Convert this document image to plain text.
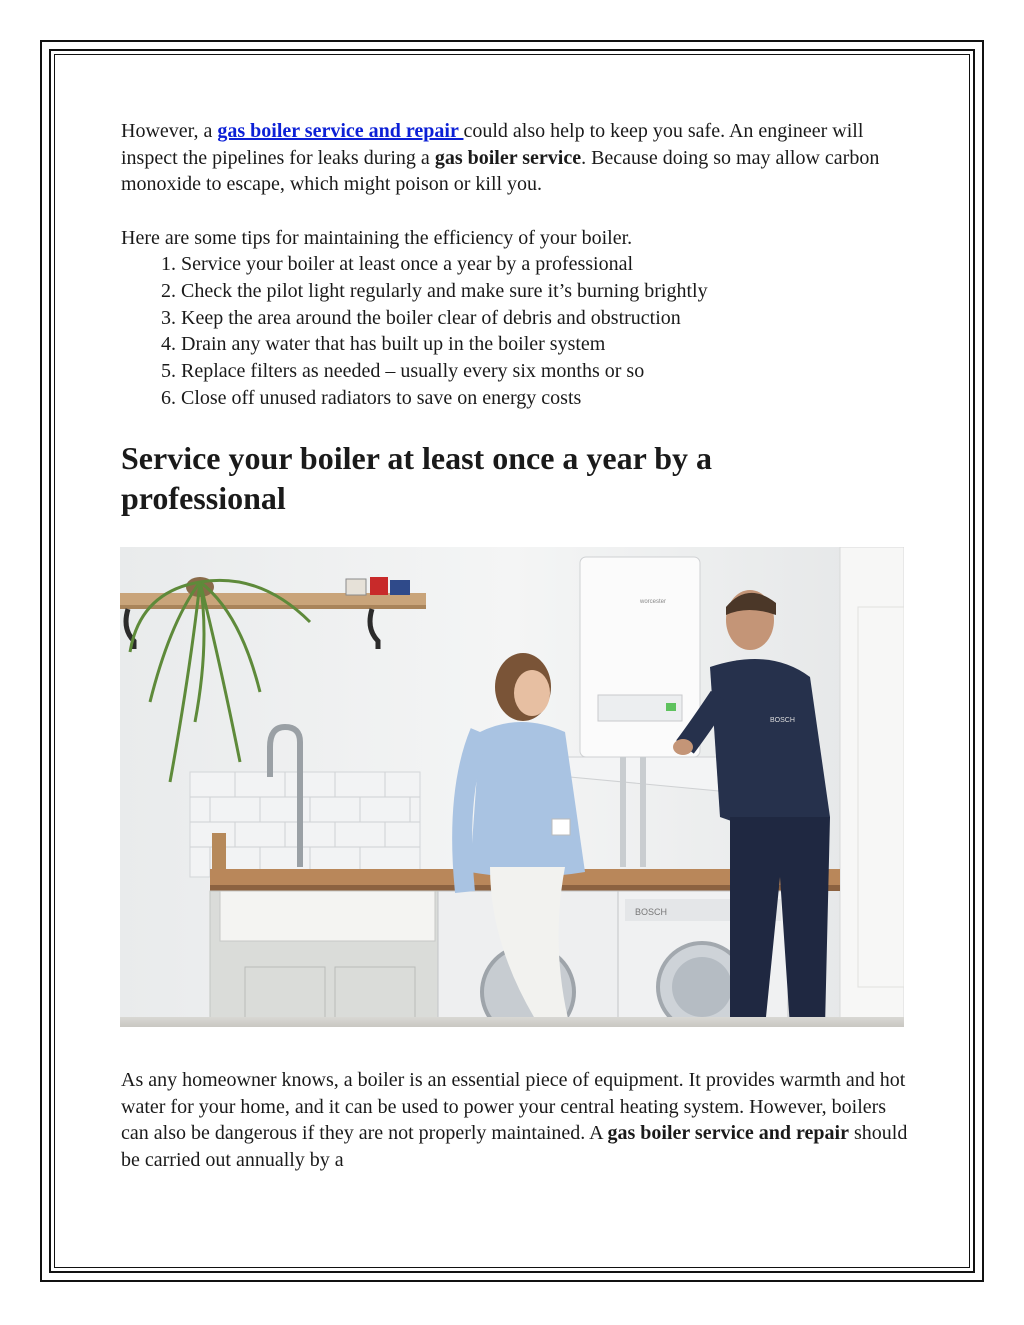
However, a gas boiler service and repair could also help to keep you safe. An engineer will inspect the pipelines for leaks during a gas boiler service. Because doing so may allow carbon monoxide to escape, which might poison or kill you.

Here are some tips for maintaining the efficiency of your boiler.

1. Service your boiler at least once a year by a professional
2. Check the pilot light regularly and make sure it’s burning brightly
3. Keep the area around the boiler clear of debris and obstruction
4. Drain any water that has built up in the boiler system
5. Replace filters as needed – usually every six months or so
6. Close off unused radiators to save on energy costs
Service your boiler at least once a year by a professional
BOSCH
worcester
BOSCH

As any homeowner knows, a boiler is an essential piece of equipment. It provides warmth and hot water for your home, and it can be used to power your central heating system. However, boilers can also be dangerous if they are not properly maintained. A gas boiler service and repair should be carried out annually by a
